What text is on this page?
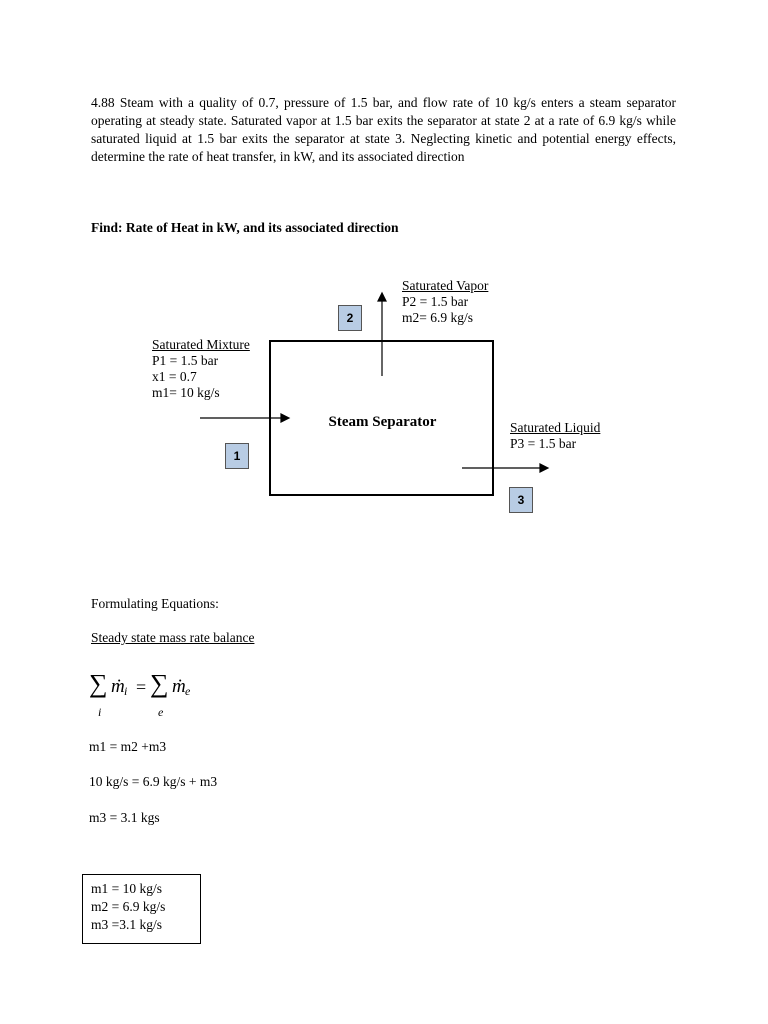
4.88 Steam with a quality of 0.7, pressure of 1.5 bar, and flow rate of 10 kg/s enters a steam separator operating at steady state. Saturated vapor at 1.5 bar exits the separator at state 2 at a rate of 6.9 kg/s while saturated liquid at 1.5 bar exits the separator at state 3. Neglecting kinetic and potential energy effects, determine the rate of heat transfer, in kW, and its associated direction

Find: Rate of Heat in kW, and its associated direction
Steam Separator
Saturated Mixture
P1 = 1.5 bar
x1 = 0.7
m1= 10 kg/s
1
Saturated Vapor
P2 = 1.5 bar
m2= 6.9 kg/s
2
Saturated Liquid
P3 = 1.5 bar
3
Formulating Equations:
Steady state mass rate balance
∑ ṁ i = ∑ ṁ e
i	e
m1 = m2 +m3
10 kg/s = 6.9 kg/s + m3
m3 = 3.1 kgs
m1 = 10 kg/s
m2 = 6.9 kg/s
m3 =3.1 kg/s
